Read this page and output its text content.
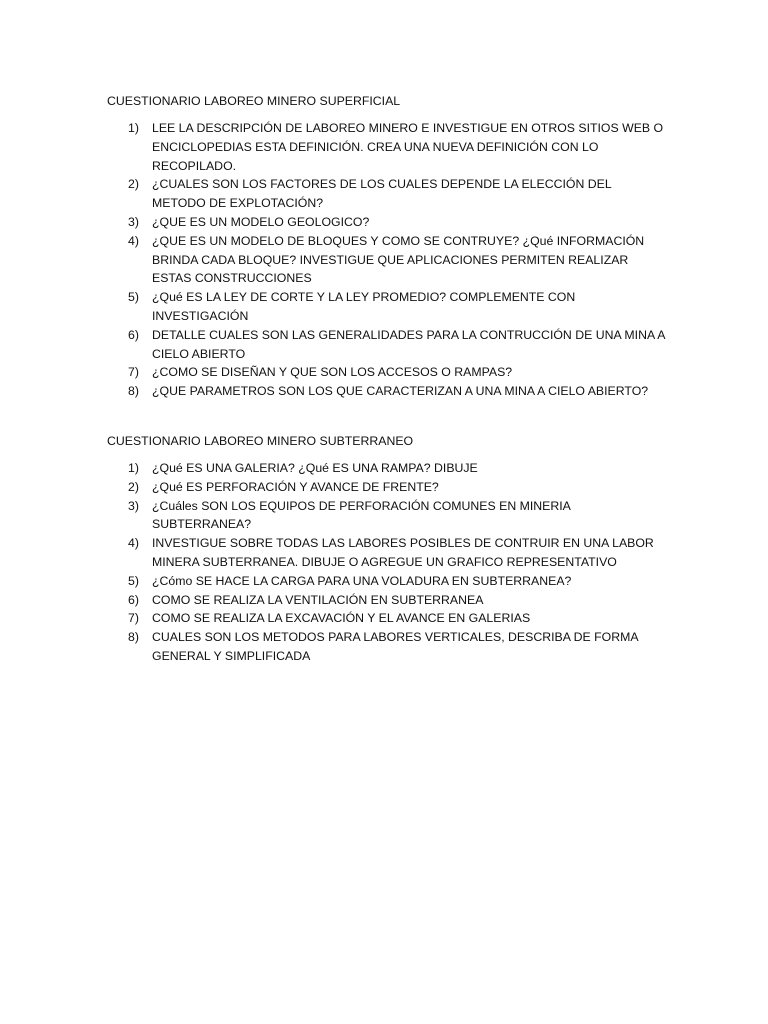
CUESTIONARIO LABOREO MINERO SUPERFICIAL
1) LEE LA DESCRIPCIÓN DE LABOREO MINERO E INVESTIGUE EN OTROS SITIOS WEB O ENCICLOPEDIAS ESTA DEFINICIÓN. CREA UNA NUEVA DEFINICIÓN CON LO RECOPILADO.
2) ¿CUALES SON LOS FACTORES DE LOS CUALES DEPENDE LA ELECCIÓN DEL METODO DE EXPLOTACIÓN?
3) ¿QUE ES UN MODELO GEOLOGICO?
4) ¿QUE ES UN MODELO DE BLOQUES Y COMO SE CONTRUYE? ¿Qué INFORMACIÓN BRINDA CADA BLOQUE? INVESTIGUE QUE APLICACIONES PERMITEN REALIZAR ESTAS CONSTRUCCIONES
5) ¿Qué ES LA LEY DE CORTE Y LA LEY PROMEDIO? COMPLEMENTE CON INVESTIGACIÓN
6) DETALLE CUALES SON LAS GENERALIDADES PARA LA CONTRUCCIÓN DE UNA MINA A CIELO ABIERTO
7) ¿COMO SE DISEÑAN Y QUE SON LOS ACCESOS O RAMPAS?
8) ¿QUE PARAMETROS SON LOS QUE CARACTERIZAN A UNA MINA A CIELO ABIERTO?
CUESTIONARIO LABOREO MINERO SUBTERRANEO
1) ¿Qué ES UNA GALERIA? ¿Qué ES UNA RAMPA? DIBUJE
2) ¿Qué ES PERFORACIÓN Y AVANCE DE FRENTE?
3) ¿Cuáles SON LOS EQUIPOS DE PERFORACIÓN COMUNES EN MINERIA SUBTERRANEA?
4) INVESTIGUE SOBRE TODAS LAS LABORES POSIBLES DE CONTRUIR EN UNA LABOR MINERA SUBTERRANEA. DIBUJE O AGREGUE UN GRAFICO REPRESENTATIVO
5) ¿Cómo SE HACE LA CARGA PARA UNA VOLADURA EN SUBTERRANEA?
6) COMO SE REALIZA LA VENTILACIÓN EN SUBTERRANEA
7) COMO SE REALIZA LA EXCAVACIÓN Y EL AVANCE EN GALERIAS
8) CUALES SON LOS METODOS PARA LABORES VERTICALES, DESCRIBA DE FORMA GENERAL Y SIMPLIFICADA
